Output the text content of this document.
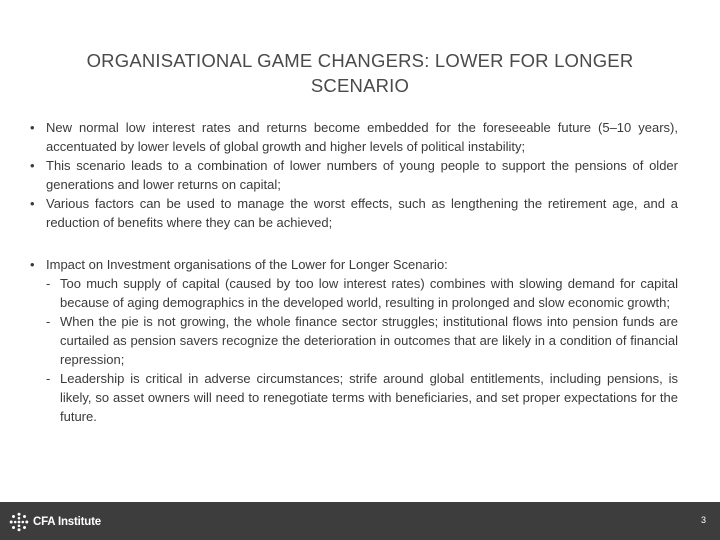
ORGANISATIONAL GAME CHANGERS: LOWER FOR LONGER SCENARIO
• New normal low interest rates and returns become embedded for the foreseeable future (5–10 years), accentuated by lower levels of global growth and higher levels of political instability;
• This scenario leads to a combination of lower numbers of young people to support the pensions of older generations and lower returns on capital;
• Various factors can be used to manage the worst effects, such as lengthening the retirement age, and a reduction of benefits where they can be achieved;
• Impact on Investment organisations of the Lower for Longer Scenario:
- Too much supply of capital (caused by too low interest rates) combines with slowing demand for capital because of aging demographics in the developed world, resulting in prolonged and slow economic growth;
- When the pie is not growing, the whole finance sector struggles; institutional flows into pension funds are curtailed as pension savers recognize the deterioration in outcomes that are likely in a condition of financial repression;
- Leadership is critical in adverse circumstances; strife around global entitlements, including pensions, is likely, so asset owners will need to renegotiate terms with beneficiaries, and set proper expectations for the future.
CFA Institute	3
